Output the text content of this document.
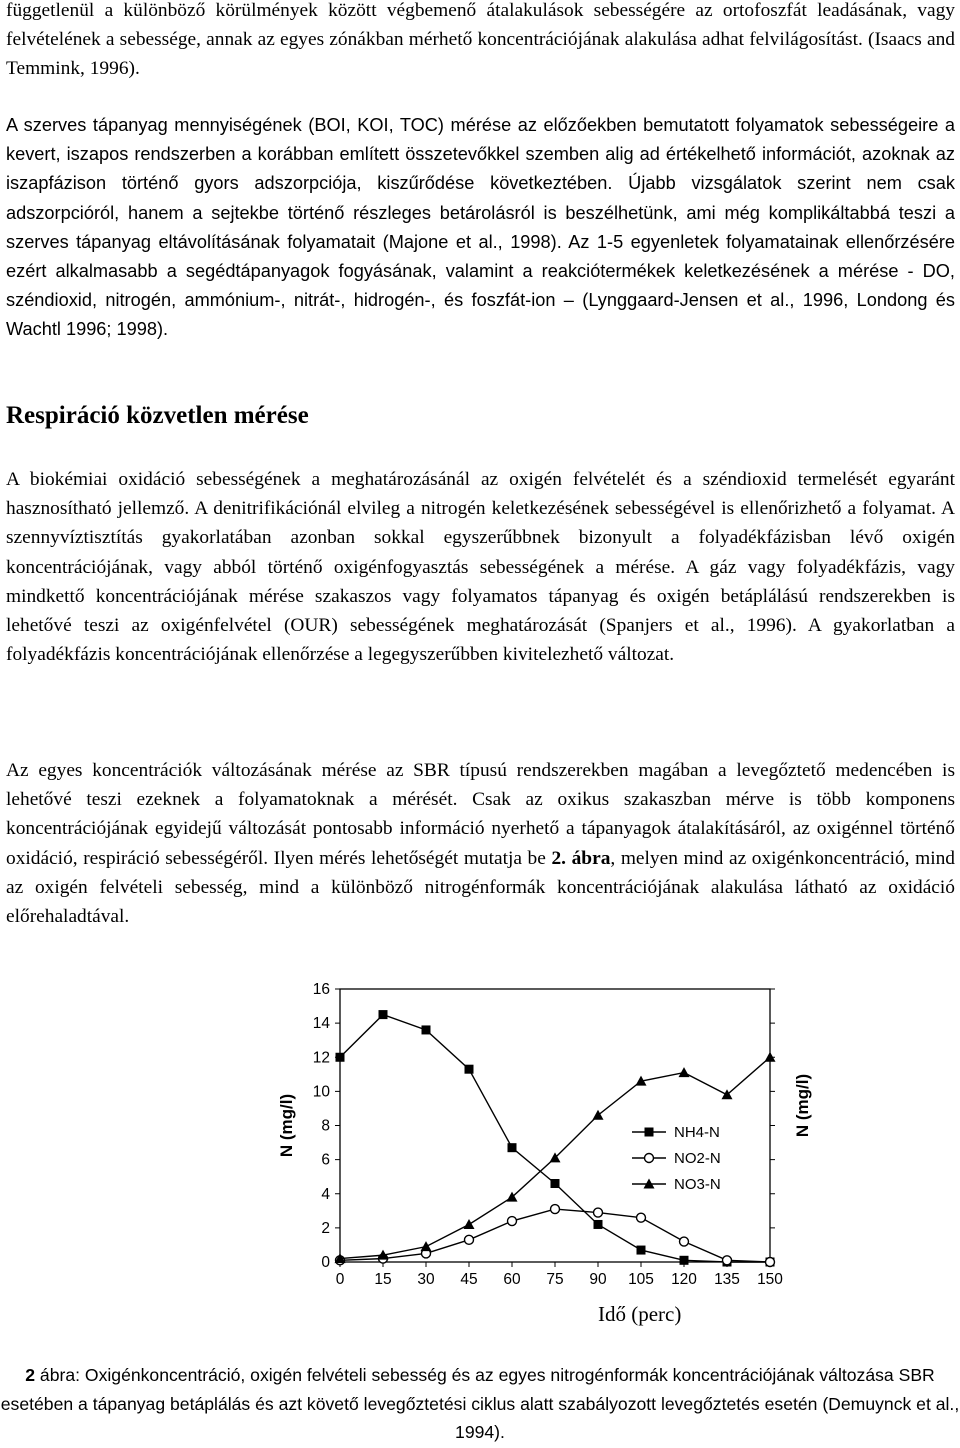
függetlenül a különböző körülmények között végbemenő átalakulások sebességére az ortofoszfát leadásának, vagy felvételének a sebessége, annak az egyes zónákban mérhető koncentrációjának alakulása adhat felvilágosítást. (Isaacs and Temmink, 1996).

A szerves tápanyag mennyiségének (BOI, KOI, TOC) mérése az előzőekben bemutatott folyamatok sebességeire a kevert, iszapos rendszerben a korábban említett összetevőkkel szemben alig ad értékelhető információt, azoknak az iszapfázison történő gyors adszorpciója, kiszűrődése következtében. Újabb vizsgálatok szerint nem csak adszorpcióról, hanem a sejtekbe történő részleges betárolásról is beszélhetünk, ami még komplikáltabbá teszi a szerves tápanyag eltávolításának folyamatait (Majone et al., 1998). Az 1-5 egyenletek folyamatainak ellenőrzésére ezért alkalmasabb a segédtápanyagok fogyásának, valamint a reakciótermékek keletkezésének a mérése - DO, széndioxid, nitrogén, ammónium-, nitrát-, hidrogén-, és foszfát-ion – (Lynggaard-Jensen et al., 1996, Londong és Wachtl 1996; 1998).

Respiráció közvetlen mérése

A biokémiai oxidáció sebességének a meghatározásánál az oxigén felvételét és a széndioxid termelését egyaránt hasznosítható jellemző. A denitrifikációnál elvileg a nitrogén keletkezésének sebességével is ellenőrizhető a folyamat. A szennyvíztisztítás gyakorlatában azonban sokkal egyszerűbbnek bizonyult a folyadékfázisban lévő oxigén koncentrációjának, vagy abból történő oxigénfogyasztás sebességének a mérése. A gáz vagy folyadékfázis, vagy mindkettő koncentrációjának mérése szakaszos vagy folyamatos tápanyag és oxigén betáplálású rendszerekben is lehetővé teszi az oxigénfelvétel (OUR) sebességének meghatározását (Spanjers et al., 1996). A gyakorlatban a folyadékfázis koncentrációjának ellenőrzése a legegyszerűbben kivitelezhető változat.

Az egyes koncentrációk változásának mérése az SBR típusú rendszerekben magában a levegőztető medencében is lehetővé teszi ezeknek a folyamatoknak a mérését. Csak az oxikus szakaszban mérve is több komponens koncentrációjának egyidejű változását pontosabb információ nyerhető a tápanyagok átalakításáról, az oxigénnel történő oxidáció, respiráció sebességéről. Ilyen mérés lehetőségét mutatja be 2. ábra, melyen mind az oxigénkoncentráció, mind az oxigén felvételi sebesség, mind a különböző nitrogénformák koncentrációjának alakulása látható az oxidáció előrehaladtával.

0
2
4
6
8
10
12
14
16
0 15 30 45 60 75 90 105 120 135 150
N (mg/l)	N (mg/l)
NH4-N
NO2-N
NO3-N
Idő (perc)

2 ábra: Oxigénkoncentráció, oxigén felvételi sebesség és az egyes nitrogénformák koncentrációjának változása SBR esetében a tápanyag betáplálás és azt követő levegőztetési ciklus alatt szabályozott levegőztetés esetén (Demuynck et al., 1994).
